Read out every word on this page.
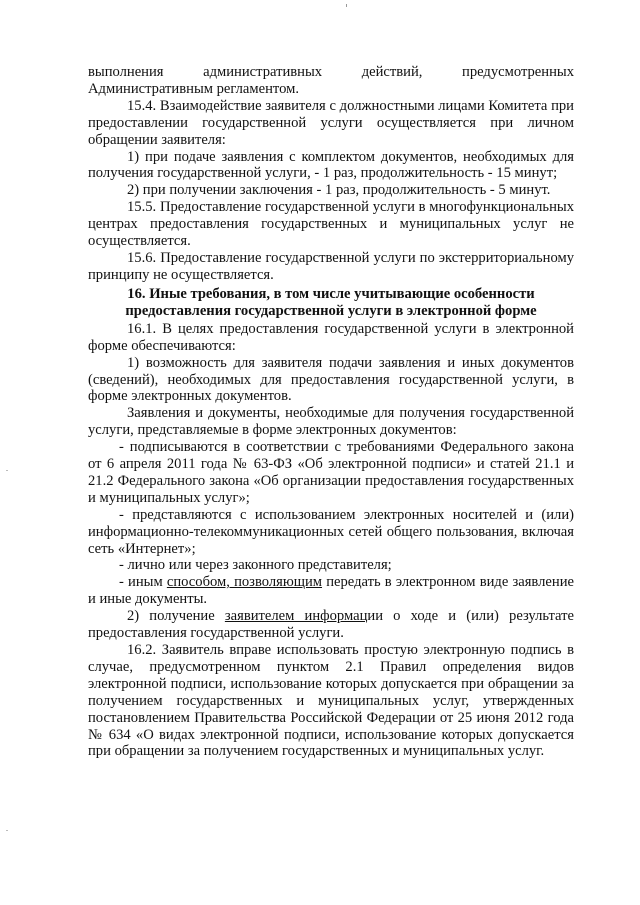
выполнения административных действий, предусмотренных

Административным регламентом.

15.4. Взаимодействие заявителя с должностными лицами Комитета при предоставлении государственной услуги осуществляется при личном обращении заявителя:

1) при подаче заявления с комплектом документов, необходимых для получения государственной услуги, - 1 раз, продолжительность - 15 минут;

2) при получении заключения - 1 раз, продолжительность - 5 минут.

15.5. Предоставление государственной услуги в многофункциональных центрах предоставления государственных и муниципальных услуг не осуществляется.

15.6. Предоставление государственной услуги по экстерриториальному принципу не осуществляется.

16. Иные требования, в том числе учитывающие особенности предоставления государственной услуги в электронной форме

16.1. В целях предоставления государственной услуги в электронной форме обеспечиваются:

1) возможность для заявителя подачи заявления и иных документов (сведений), необходимых для предоставления государственной услуги, в форме электронных документов.

Заявления и документы, необходимые для получения государственной услуги, представляемые в форме электронных документов:

- подписываются в соответствии с требованиями Федерального закона от 6 апреля 2011 года № 63-ФЗ «Об электронной подписи» и статей 21.1 и 21.2 Федерального закона «Об организации предоставления государственных и муниципальных услуг»;

- представляются с использованием электронных носителей и (или) информационно-телекоммуникационных сетей общего пользования, включая сеть «Интернет»;

- лично или через законного представителя;

- иным способом, позволяющим передать в электронном виде заявление и иные документы.

2) получение заявителем информации о ходе и (или) результате предоставления государственной услуги.

16.2. Заявитель вправе использовать простую электронную подпись в случае, предусмотренном пунктом 2.1 Правил определения видов электронной подписи, использование которых допускается при обращении за получением государственных и муниципальных услуг, утвержденных постановлением Правительства Российской Федерации от 25 июня 2012 года № 634 «О видах электронной подписи, использование которых допускается при обращении за получением государственных и муниципальных услуг.
